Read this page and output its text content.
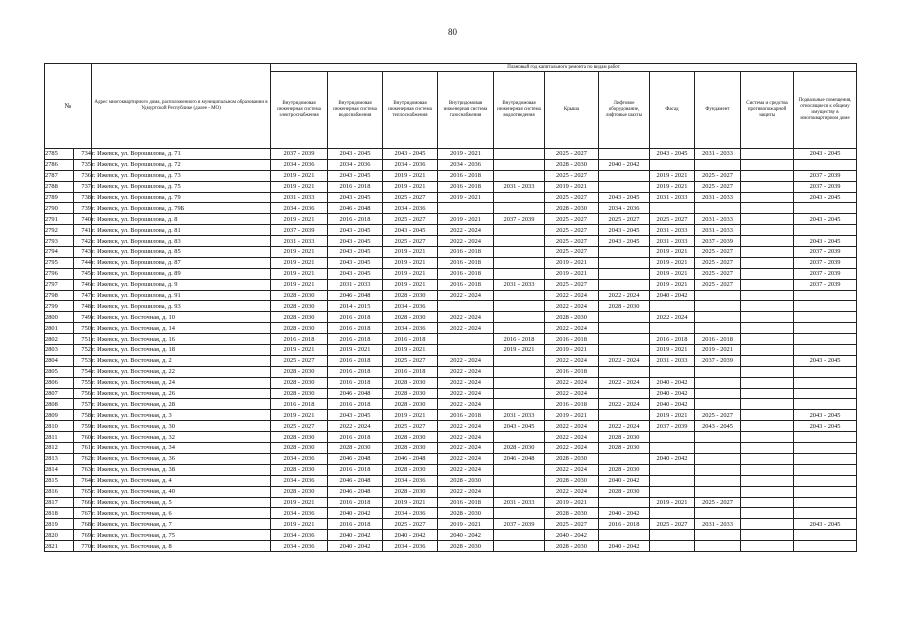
80
№		Адрес многоквартирного дома, расположенного в муниципальном образовании в Удмуртской Республике (далее - МО)	Плановый год капитального ремонта по видам работ										
			Внутридомовая инженерная система электроснабжения	Внутридомовая инженерная система водоснабжения	Внутридомовая инженерная система теплоснабжения	Внутридомовая инженерная система газоснабжения	Внутридомовая инженерная система водоотведения	Крыша	Лифтовое оборудование, лифтовые шахты	Фасад	Фундамент	Система и средства противопожарной защиты	Подвальные помещения, относящиеся к общему имуществу в многоквартирном доме
2785	734	г. Ижевск, ул. Ворошилова, д. 71	2037 - 2039	2043 - 2045	2043 - 2045	2019 - 2021		2025 - 2027		2043 - 2045	2031 - 2033		2043 - 2045
2786	735	г. Ижевск, ул. Ворошилова, д. 72	2034 - 2036	2034 - 2036	2034 - 2036	2034 - 2036		2028 - 2030	2040 - 2042				
2787	736	г. Ижевск, ул. Ворошилова, д. 73	2019 - 2021	2043 - 2045	2019 - 2021	2016 - 2018		2025 - 2027		2019 - 2021	2025 - 2027		2037 - 2039
2788	737	г. Ижевск, ул. Ворошилова, д. 75	2019 - 2021	2016 - 2018	2019 - 2021	2016 - 2018	2031 - 2033	2019 - 2021		2019 - 2021	2025 - 2027		2037 - 2039
2789	738	г. Ижевск, ул. Ворошилова, д. 79	2031 - 2033	2043 - 2045	2025 - 2027	2019 - 2021		2025 - 2027	2043 - 2045	2031 - 2033	2031 - 2033		2043 - 2045
2790	739	г. Ижевск, ул. Ворошилова, д. 79Б	2034 - 2036	2046 - 2048	2034 - 2036			2028 - 2030	2034 - 2036				
2791	740	г. Ижевск, ул. Ворошилова, д. 8	2019 - 2021	2016 - 2018	2025 - 2027	2019 - 2021	2037 - 2039	2025 - 2027	2025 - 2027	2025 - 2027	2031 - 2033		2043 - 2045
2792	741	г. Ижевск, ул. Ворошилова, д. 81	2037 - 2039	2043 - 2045	2043 - 2045	2022 - 2024		2025 - 2027	2043 - 2045	2031 - 2033	2031 - 2033		
2793	742	г. Ижевск, ул. Ворошилова, д. 83	2031 - 2033	2043 - 2045	2025 - 2027	2022 - 2024		2025 - 2027	2043 - 2045	2031 - 2033	2037 - 2039		2043 - 2045
2794	743	г. Ижевск, ул. Ворошилова, д. 85	2019 - 2021	2043 - 2045	2019 - 2021	2016 - 2018		2025 - 2027		2019 - 2021	2025 - 2027		2037 - 2039
2795	744	г. Ижевск, ул. Ворошилова, д. 87	2019 - 2021	2043 - 2045	2019 - 2021	2016 - 2018		2019 - 2021		2019 - 2021	2025 - 2027		2037 - 2039
2796	745	г. Ижевск, ул. Ворошилова, д. 89	2019 - 2021	2043 - 2045	2019 - 2021	2016 - 2018		2019 - 2021		2019 - 2021	2025 - 2027		2037 - 2039
2797	746	г. Ижевск, ул. Ворошилова, д. 9	2019 - 2021	2031 - 2033	2019 - 2021	2016 - 2018	2031 - 2033	2025 - 2027		2019 - 2021	2025 - 2027		2037 - 2039
2798	747	г. Ижевск, ул. Ворошилова, д. 91	2028 - 2030	2046 - 2048	2028 - 2030	2022 - 2024		2022 - 2024	2022 - 2024	2040 - 2042			
2799	748	г. Ижевск, ул. Ворошилова, д. 93	2028 - 2030	2014 - 2015	2034 - 2036			2022 - 2024	2028 - 2030				
2800	749	г. Ижевск, ул. Восточная, д. 10	2028 - 2030	2016 - 2018	2028 - 2030	2022 - 2024		2028 - 2030		2022 - 2024			
2801	750	г. Ижевск, ул. Восточная, д. 14	2028 - 2030	2016 - 2018	2034 - 2036	2022 - 2024		2022 - 2024					
2802	751	г. Ижевск, ул. Восточная, д. 16	2016 - 2018	2016 - 2018	2016 - 2018		2016 - 2018	2016 - 2018		2016 - 2018	2016 - 2018		
2803	752	г. Ижевск, ул. Восточная, д. 18	2019 - 2021	2019 - 2021	2019 - 2021		2019 - 2021	2019 - 2021		2019 - 2021	2019 - 2021		
2804	753	г. Ижевск, ул. Восточная, д. 2	2025 - 2027	2016 - 2018	2025 - 2027	2022 - 2024		2022 - 2024	2022 - 2024	2031 - 2033	2037 - 2039		2043 - 2045
2805	754	г. Ижевск, ул. Восточная, д. 22	2028 - 2030	2016 - 2018	2016 - 2018	2022 - 2024		2016 - 2018					
2806	755	г. Ижевск, ул. Восточная, д. 24	2028 - 2030	2016 - 2018	2028 - 2030	2022 - 2024		2022 - 2024	2022 - 2024	2040 - 2042			
2807	756	г. Ижевск, ул. Восточная, д. 26	2028 - 2030	2046 - 2048	2028 - 2030	2022 - 2024		2022 - 2024		2040 - 2042			
2808	757	г. Ижевск, ул. Восточная, д. 28	2016 - 2018	2016 - 2018	2028 - 2030	2022 - 2024		2016 - 2018	2022 - 2024	2040 - 2042			
2809	758	г. Ижевск, ул. Восточная, д. 3	2019 - 2021	2043 - 2045	2019 - 2021	2016 - 2018	2031 - 2033	2019 - 2021		2019 - 2021	2025 - 2027		2043 - 2045
2810	759	г. Ижевск, ул. Восточная, д. 30	2025 - 2027	2022 - 2024	2025 - 2027	2022 - 2024	2043 - 2045	2022 - 2024	2022 - 2024	2037 - 2039	2043 - 2045		2043 - 2045
2811	760	г. Ижевск, ул. Восточная, д. 32	2028 - 2030	2016 - 2018	2028 - 2030	2022 - 2024		2022 - 2024	2028 - 2030				
2812	761	г. Ижевск, ул. Восточная, д. 34	2028 - 2030	2028 - 2030	2028 - 2030	2022 - 2024	2028 - 2030	2022 - 2024	2028 - 2030				
2813	762	г. Ижевск, ул. Восточная, д. 36	2034 - 2036	2046 - 2048	2046 - 2048	2022 - 2024	2046 - 2048	2028 - 2030		2040 - 2042			
2814	763	г. Ижевск, ул. Восточная, д. 38	2028 - 2030	2016 - 2018	2028 - 2030	2022 - 2024		2022 - 2024	2028 - 2030				
2815	764	г. Ижевск, ул. Восточная, д. 4	2034 - 2036	2046 - 2048	2034 - 2036	2028 - 2030		2028 - 2030	2040 - 2042				
2816	765	г. Ижевск, ул. Восточная, д. 40	2028 - 2030	2046 - 2048	2028 - 2030	2022 - 2024		2022 - 2024	2028 - 2030				
2817	766	г. Ижевск, ул. Восточная, д. 5	2019 - 2021	2016 - 2018	2019 - 2021	2016 - 2018	2031 - 2033	2019 - 2021		2019 - 2021	2025 - 2027		
2818	767	г. Ижевск, ул. Восточная, д. 6	2034 - 2036	2040 - 2042	2034 - 2036	2028 - 2030		2028 - 2030	2040 - 2042				
2819	768	г. Ижевск, ул. Восточная, д. 7	2019 - 2021	2016 - 2018	2025 - 2027	2019 - 2021	2037 - 2039	2025 - 2027	2016 - 2018	2025 - 2027	2031 - 2033		2043 - 2045
2820	769	г. Ижевск, ул. Восточная, д. 75	2034 - 2036	2040 - 2042	2040 - 2042	2040 - 2042		2040 - 2042					
2821	770	г. Ижевск, ул. Восточная, д. 8	2034 - 2036	2040 - 2042	2034 - 2036	2028 - 2030		2028 - 2030	2040 - 2042				
